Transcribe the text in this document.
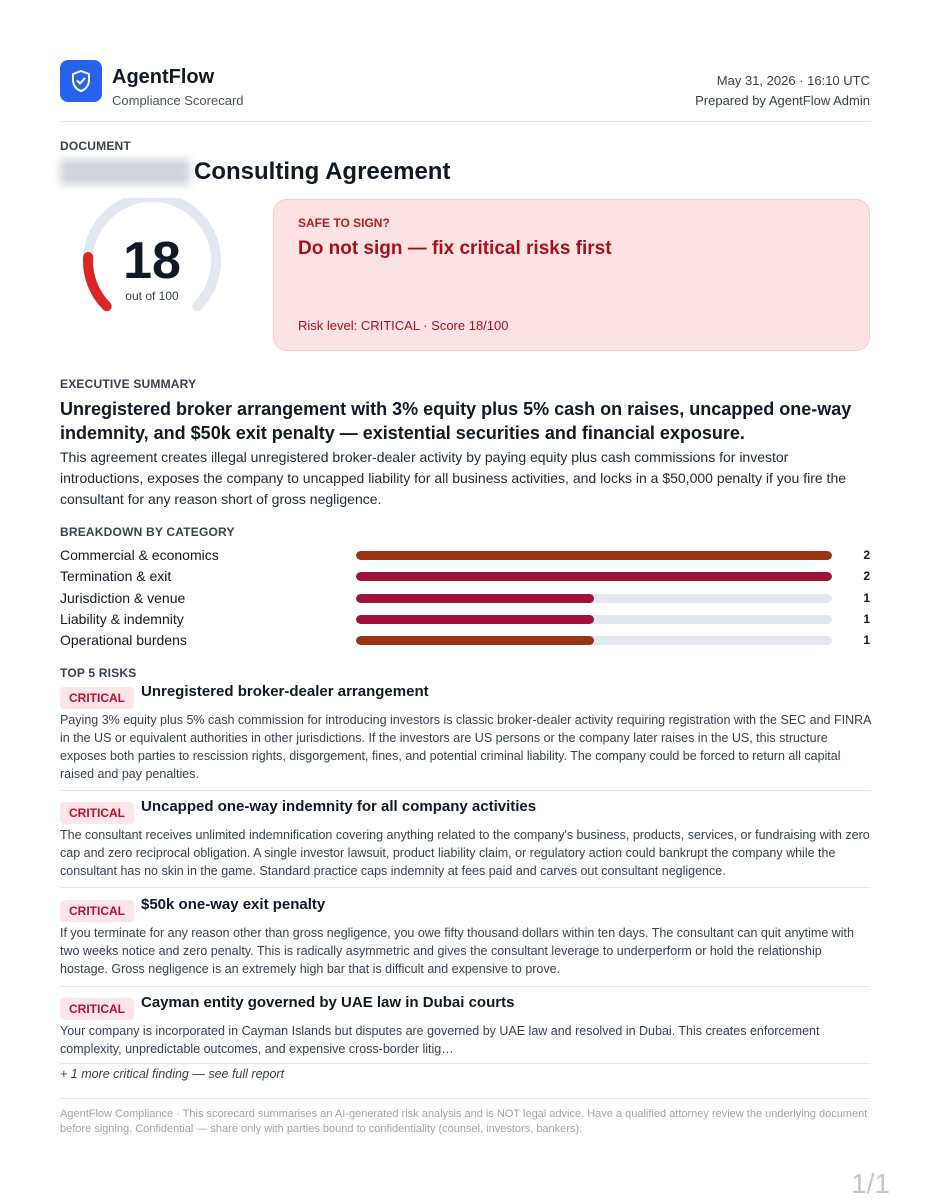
AgentFlow
Compliance Scorecard
May 31, 2026 · 16:10 UTC
Prepared by AgentFlow Admin
DOCUMENT
Consulting Agreement
18
out of 100
SAFE TO SIGN?
Do not sign — fix critical risks first
Risk level: CRITICAL · Score 18/100
EXECUTIVE SUMMARY
Unregistered broker arrangement with 3% equity plus 5% cash on raises, uncapped one-way indemnity, and $50k exit penalty — existential securities and financial exposure.
This agreement creates illegal unregistered broker-dealer activity by paying equity plus cash commissions for investor introductions, exposes the company to uncapped liability for all business activities, and locks in a $50,000 penalty if you fire the consultant for any reason short of gross negligence.
BREAKDOWN BY CATEGORY
Commercial & economics	2
Termination & exit	2
Jurisdiction & venue	1
Liability & indemnity	1
Operational burdens	1
TOP 5 RISKS
CRITICAL	Unregistered broker-dealer arrangement
Paying 3% equity plus 5% cash commission for introducing investors is classic broker-dealer activity requiring registration with the SEC and FINRA in the US or equivalent authorities in other jurisdictions. If the investors are US persons or the company later raises in the US, this structure exposes both parties to rescission rights, disgorgement, fines, and potential criminal liability. The company could be forced to return all capital raised and pay penalties.
CRITICAL	Uncapped one-way indemnity for all company activities
The consultant receives unlimited indemnification covering anything related to the company's business, products, services, or fundraising with zero cap and zero reciprocal obligation. A single investor lawsuit, product liability claim, or regulatory action could bankrupt the company while the consultant has no skin in the game. Standard practice caps indemnity at fees paid and carves out consultant negligence.
CRITICAL	$50k one-way exit penalty
If you terminate for any reason other than gross negligence, you owe fifty thousand dollars within ten days. The consultant can quit anytime with two weeks notice and zero penalty. This is radically asymmetric and gives the consultant leverage to underperform or hold the relationship hostage. Gross negligence is an extremely high bar that is difficult and expensive to prove.
CRITICAL	Cayman entity governed by UAE law in Dubai courts
Your company is incorporated in Cayman Islands but disputes are governed by UAE law and resolved in Dubai. This creates enforcement complexity, unpredictable outcomes, and expensive cross-border litig…
+ 1 more critical finding — see full report
AgentFlow Compliance · This scorecard summarises an AI-generated risk analysis and is NOT legal advice. Have a qualified attorney review the underlying document before signing. Confidential — share only with parties bound to confidentiality (counsel, investors, bankers).
1/1
